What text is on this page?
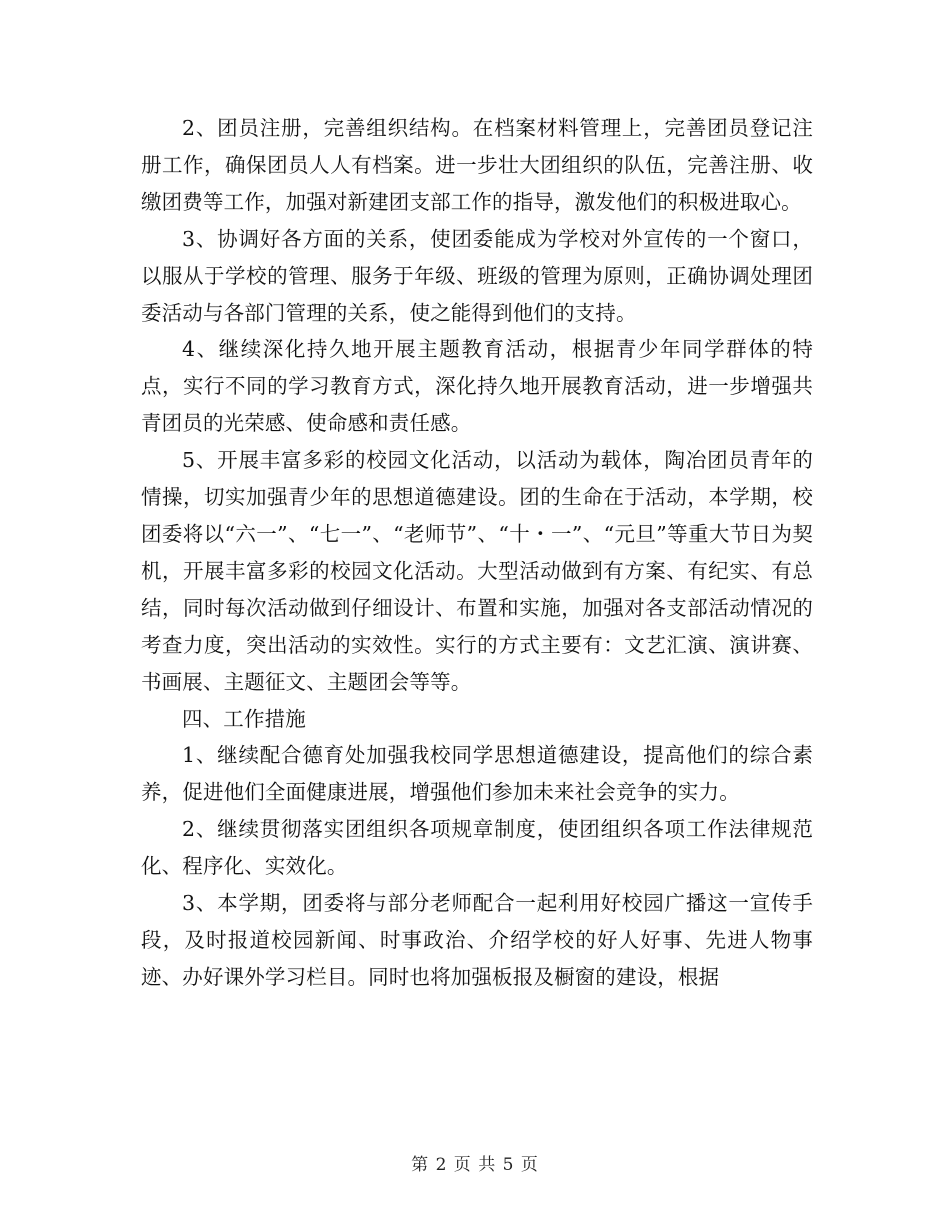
2、团员注册，完善组织结构。在档案材料管理上，完善团员登记注册工作，确保团员人人有档案。进一步壮大团组织的队伍，完善注册、收缴团费等工作，加强对新建团支部工作的指导，激发他们的积极进取心。

3、协调好各方面的关系，使团委能成为学校对外宣传的一个窗口，以服从于学校的管理、服务于年级、班级的管理为原则，正确协调处理团委活动与各部门管理的关系，使之能得到他们的支持。

4、继续深化持久地开展主题教育活动，根据青少年同学群体的特点，实行不同的学习教育方式，深化持久地开展教育活动，进一步增强共青团员的光荣感、使命感和责任感。

5、开展丰富多彩的校园文化活动，以活动为载体，陶冶团员青年的情操，切实加强青少年的思想道德建设。团的生命在于活动，本学期，校团委将以“六一”、“七一”、“老师节”、“十・一”、“元旦”等重大节日为契机，开展丰富多彩的校园文化活动。大型活动做到有方案、有纪实、有总结，同时每次活动做到仔细设计、布置和实施，加强对各支部活动情况的考查力度，突出活动的实效性。实行的方式主要有：文艺汇演、演讲赛、书画展、主题征文、主题团会等等。

四、工作措施

1、继续配合德育处加强我校同学思想道德建设，提高他们的综合素养，促进他们全面健康进展，增强他们参加未来社会竞争的实力。

2、继续贯彻落实团组织各项规章制度，使团组织各项工作法律规范化、程序化、实效化。

3、本学期，团委将与部分老师配合一起利用好校园广播这一宣传手段，及时报道校园新闻、时事政治、介绍学校的好人好事、先进人物事迹、办好课外学习栏目。同时也将加强板报及橱窗的建设，根据

第 2 页 共 5 页
